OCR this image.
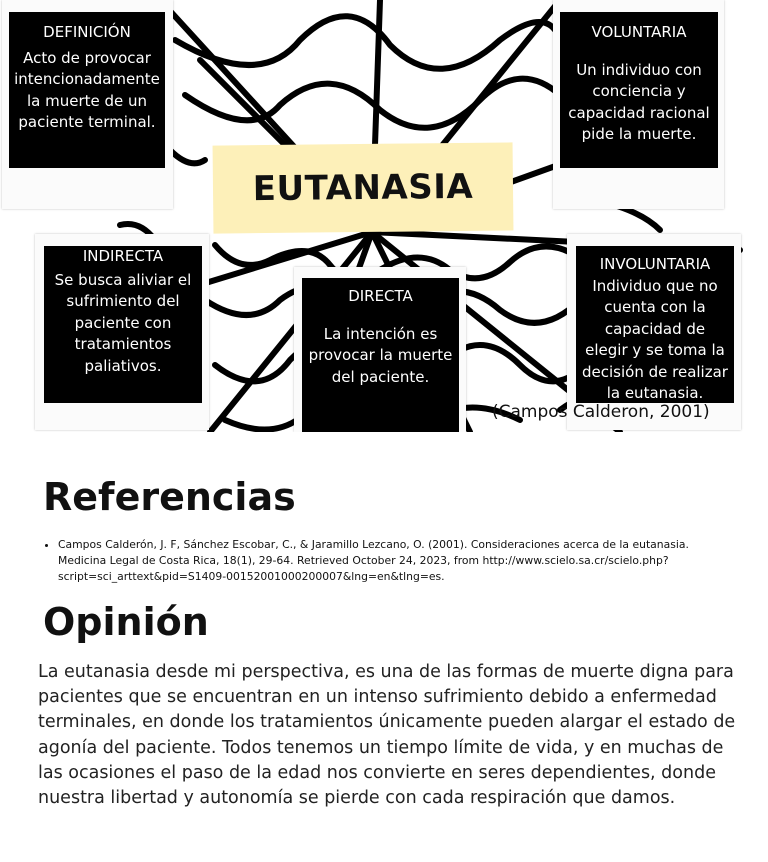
DEFINICIÓN
Acto de provocar intencionadamente la muerte de un paciente terminal.
VOLUNTARIA
Un individuo con conciencia y capacidad racional pide la muerte.
INDIRECTA
Se busca aliviar el sufrimiento del paciente con tratamientos paliativos.
DIRECTA
La intención es provocar la muerte del paciente.
INVOLUNTARIA
Individuo que no cuenta con la capacidad de elegir y se toma la decisión de realizar la eutanasia.
EUTANASIA
(Campos Calderon, 2001)
Referencias
• Campos Calderón, J. F, Sánchez Escobar, C., & Jaramillo Lezcano, O. (2001). Consideraciones acerca de la eutanasia. Medicina Legal de Costa Rica, 18(1), 29-64. Retrieved October 24, 2023, from http://www.scielo.sa.cr/scielo.php?script=sci_arttext&pid=S1409-00152001000200007&lng=en&tlng=es.
Opinión

La eutanasia desde mi perspectiva, es una de las formas de muerte digna para pacientes que se encuentran en un intenso sufrimiento debido a enfermedad terminales, en donde los tratamientos únicamente pueden alargar el estado de agonía del paciente. Todos tenemos un tiempo límite de vida, y en muchas de las ocasiones el paso de la edad nos convierte en seres dependientes, donde nuestra libertad y autonomía se pierde con cada respiración que damos.
